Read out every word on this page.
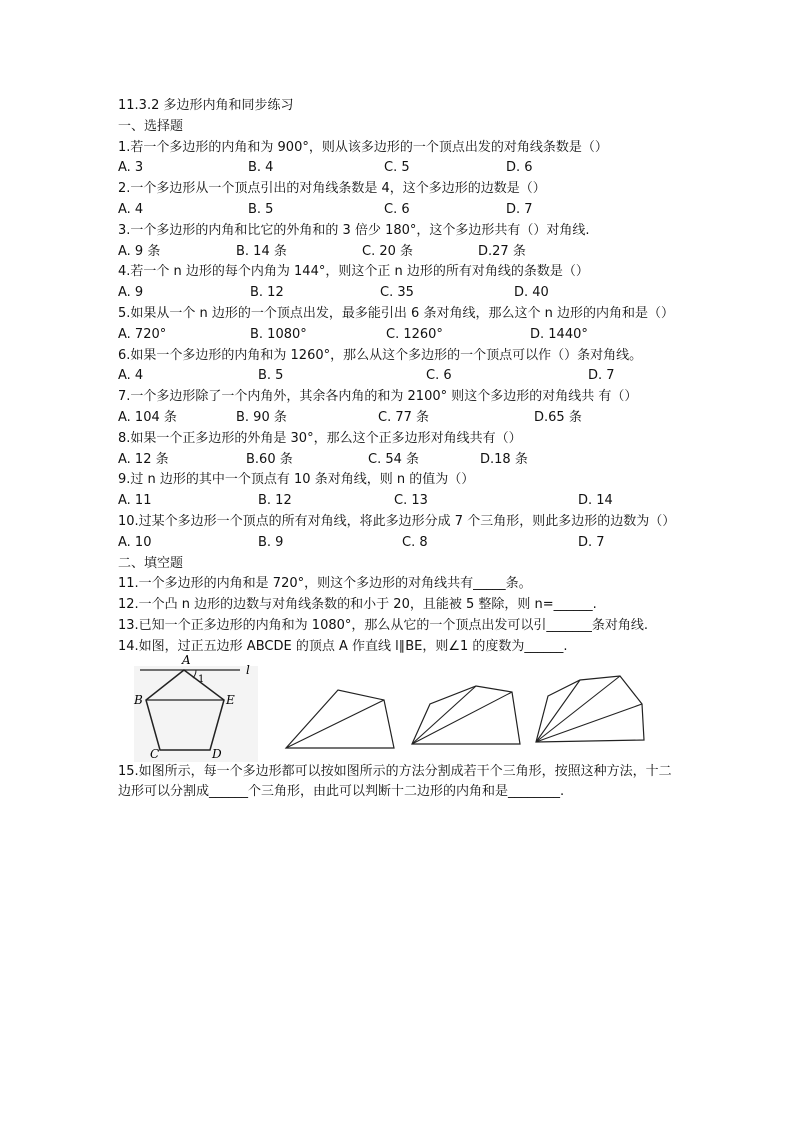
11.3.2 多边形内角和同步练习
一、选择题
1.若一个多边形的内角和为 900°，则从该多边形的一个顶点出发的对角线条数是（）
A. 3	B. 4	C. 5	D. 6
2.一个多边形从一个顶点引出的对角线条数是 4，这个多边形的边数是（）
A. 4	B. 5	C. 6	D. 7
3.一个多边形的内角和比它的外角和的 3 倍少 180°，这个多边形共有（）对角线.
A. 9 条	B. 14 条	C. 20 条	D.27 条
4.若一个 n 边形的每个内角为 144°，则这个正 n 边形的所有对角线的条数是（）
A. 9	B. 12	C. 35	D. 40
5.如果从一个 n 边形的一个顶点出发，最多能引出 6 条对角线，那么这个 n 边形的内角和是（）
A. 720°	B. 1080°	C. 1260°	D. 1440°
6.如果一个多边形的内角和为 1260°，那么从这个多边形的一个顶点可以作（）条对角线。
A. 4	B. 5	C. 6	D. 7
7.一个多边形除了一个内角外，其余各内角的和为 2100° 则这个多边形的对角线共 有（）
A. 104 条	B. 90 条	C. 77 条	D.65 条
8.如果一个正多边形的外角是 30°，那么这个正多边形对角线共有（）
A. 12 条	B.60 条	C. 54 条	D.18 条
9.过 n 边形的其中一个顶点有 10 条对角线，则 n 的值为（）
A. 11	B. 12	C. 13	D. 14
10.过某个多边形一个顶点的所有对角线，将此多边形分成 7 个三角形，则此多边形的边数为（）
A. 10	B. 9	C. 8	D. 7
二、填空题
11.一个多边形的内角和是 720°，则这个多边形的对角线共有_____条。
12.一个凸 n 边形的边数与对角线条数的和小于 20，且能被 5 整除，则 n=______.
13.已知一个正多边形的内角和为 1080°，那么从它的一个顶点出发可以引_______条对角线.
14.如图，过正五边形 ABCDE 的顶点 A 作直线 l∥BE，则∠1 的度数为______.
A
l
1
B	E
C	D
15.如图所示，每一个多边形都可以按如图所示的方法分割成若干个三角形，按照这种方法，十二边形可以分割成______个三角形，由此可以判断十二边形的内角和是________.
